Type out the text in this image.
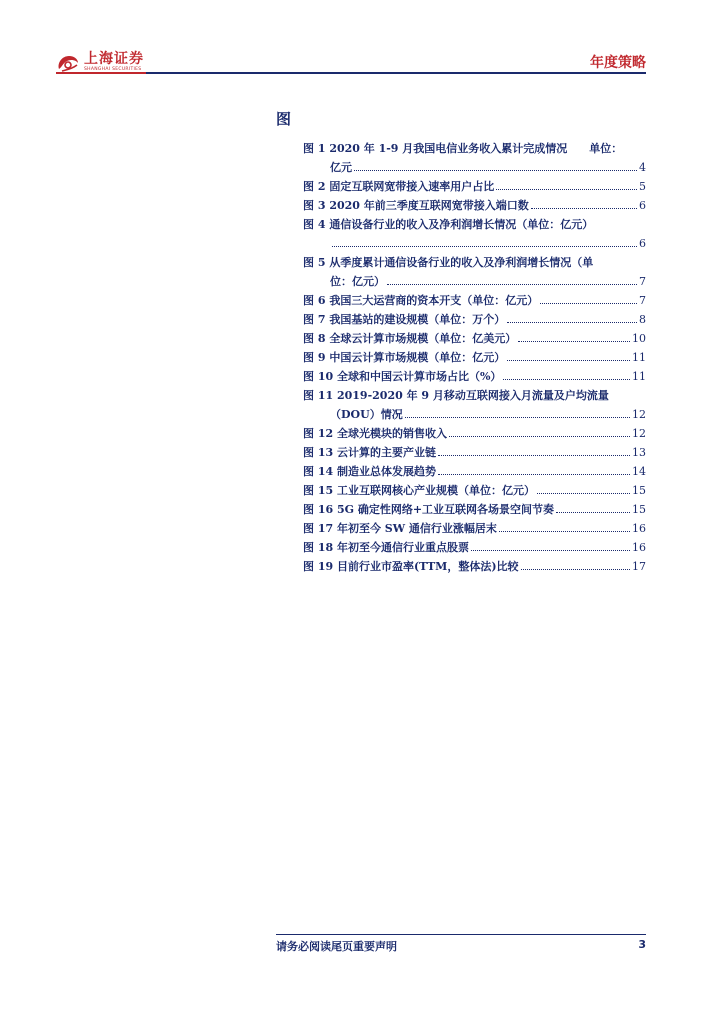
上海证券
SHANGHAI SECURITIES	年度策略
图
图 1 2020 年 1-9 月我国电信业务收入累计完成情况　　单位：
亿元	4
图 2 固定互联网宽带接入速率用户占比	5
图 3 2020 年前三季度互联网宽带接入端口数	6
图 4 通信设备行业的收入及净利润增长情况（单位：亿元）
6
图 5 从季度累计通信设备行业的收入及净利润增长情况（单
位：亿元）	7
图 6 我国三大运营商的资本开支（单位：亿元）	7
图 7 我国基站的建设规模（单位：万个）	8
图 8 全球云计算市场规模（单位：亿美元）	10
图 9 中国云计算市场规模（单位：亿元）	11
图 10 全球和中国云计算市场占比（%）	11
图 11 2019-2020 年 9 月移动互联网接入月流量及户均流量
（DOU）情况	12
图 12 全球光模块的销售收入	12
图 13 云计算的主要产业链	13
图 14 制造业总体发展趋势	14
图 15 工业互联网核心产业规模（单位：亿元）	15
图 16 5G 确定性网络+工业互联网各场景空间节奏	15
图 17 年初至今 SW 通信行业涨幅居末	16
图 18 年初至今通信行业重点股票	16
图 19 目前行业市盈率(TTM，整体法)比较	17
请务必阅读尾页重要声明	3
